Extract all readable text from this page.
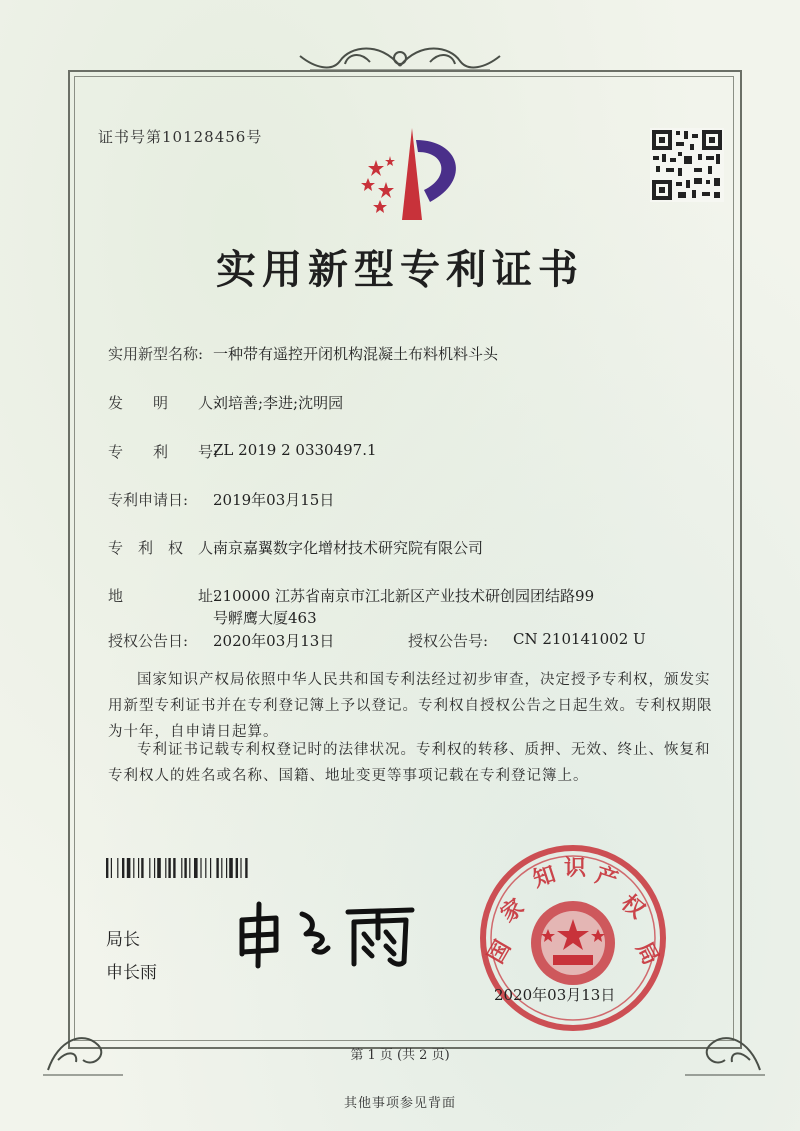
证书号第10128456号
实用新型专利证书
实用新型名称: 一种带有遥控开闭机构混凝土布料机料斗头
发　　明　　人:
刘培善;李进;沈明园
专　　利　　号:
ZL 2019 2 0330497.1
专利申请日: 2019年03月15日
专　利　权　人:
南京嘉翼数字化增材技术研究院有限公司
地　　　　　址:
210000 江苏省南京市江北新区产业技术研创园团结路99
号孵鹰大厦463
授权公告日: 2020年03月13日	授权公告号: CN 210141002 U
国家知识产权局依照中华人民共和国专利法经过初步审查，决定授予专利权，颁发实用新型专利证书并在专利登记簿上予以登记。专利权自授权公告之日起生效。专利权期限为十年，自申请日起算。
专利证书记载专利权登记时的法律状况。专利权的转移、质押、无效、终止、恢复和专利权人的姓名或名称、国籍、地址变更等事项记载在专利登记簿上。
局长
申长雨
国
家
知 识 产
权
局
2020年03月13日
第 1 页 (共 2 页)
其他事项参见背面
